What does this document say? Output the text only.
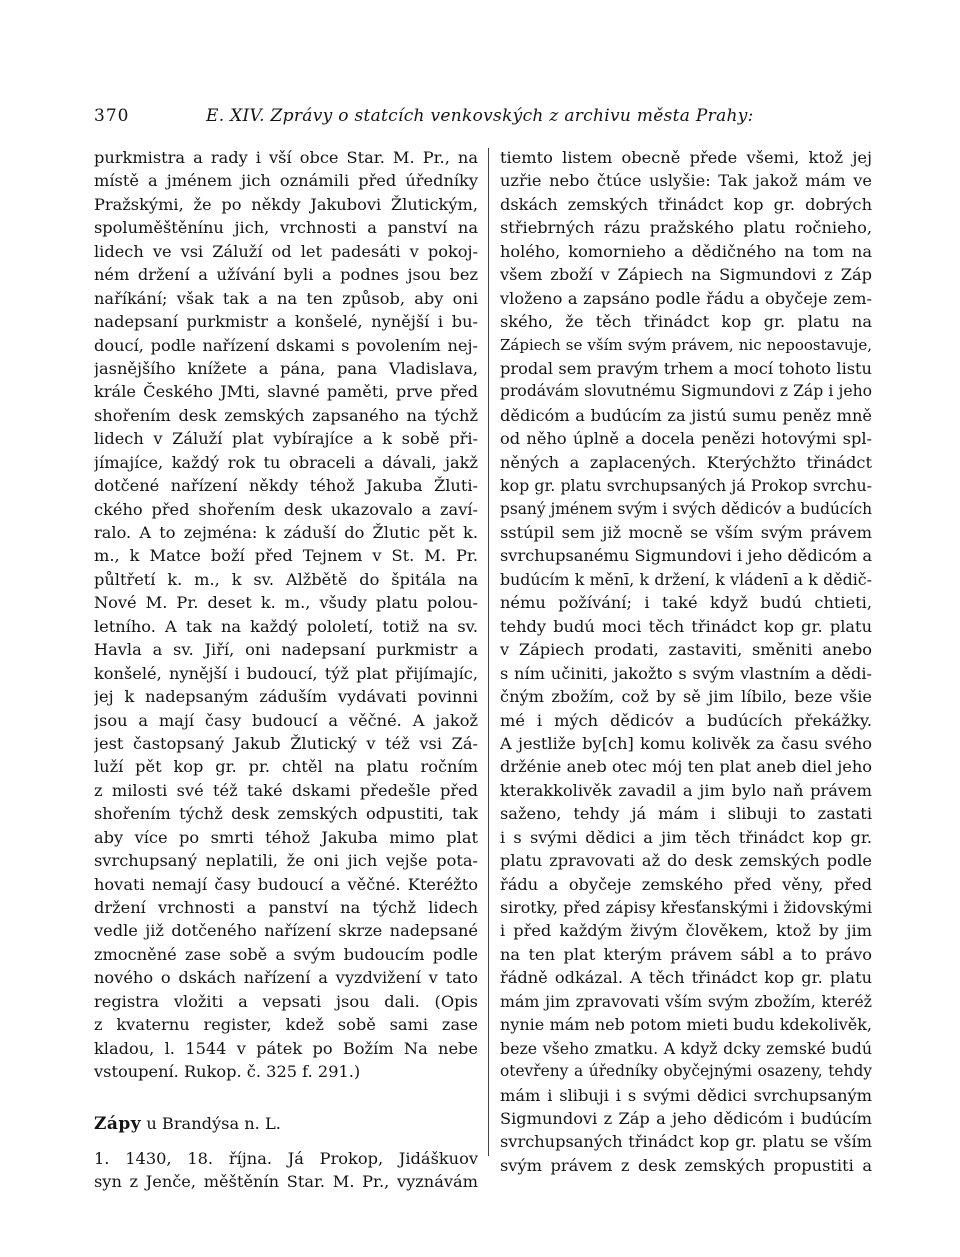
370	E. XIV. Zprávy o statcích venkovských z archivu města Prahy:
purkmistra a rady i vší obce Star. M. Pr., na
místě a jménem jich oznámili před úředníky
Pražskými, že po někdy Jakubovi Žlutickým,
spoluměštěnínu jich, vrchnosti a panství na
lidech ve vsi Záluží od let padesáti v pokoj-
ném držení a užívání byli a podnes jsou bez
naříkání; však tak a na ten způsob, aby oni
nadepsaní purkmistr a konšelé, nynější i bu-
doucí, podle nařízení dskami s povolením nej-
jasnějšího knížete a pána, pana Vladislava,
krále Českého JMti, slavné paměti, prve před
shořením desk zemských zapsaného na týchž
lidech v Záluží plat vybírajíce a k sobě při-
jímajíce, každý rok tu obraceli a dávali, jakž
dotčené nařízení někdy téhož Jakuba Žluti-
ckého před shořením desk ukazovalo a zaví-
ralo. A to zejména: k záduší do Žlutic pět k.
m., k Matce boží před Tejnem v St. M. Pr.
půltřetí k. m., k sv. Alžbětě do špitála na
Nové M. Pr. deset k. m., všudy platu polou-
letního. A tak na každý pololetí, totiž na sv.
Havla a sv. Jiří, oni nadepsaní purkmistr a
konšelé, nynější i budoucí, týž plat přijímajíc,
jej k nadepsaným záduším vydávati povinni
jsou a mají časy budoucí a věčné. A jakož
jest častopsaný Jakub Žlutický v též vsi Zá-
luží pět kop gr. pr. chtěl na platu ročním
z milosti své též také dskami předešle před
shořením týchž desk zemských odpustiti, tak
aby více po smrti téhož Jakuba mimo plat
svrchupsaný neplatili, že oni jich vejše pota-
hovati nemají časy budoucí a věčné. Kteréžto
držení vrchnosti a panství na týchž lidech
vedle již dotčeného nařízení skrze nadepsané
zmocněné zase sobě a svým budoucím podle
nového o dskách nařízení a vyzdvižení v tato
registra vložiti a vepsati jsou dali. (Opis
z kvaternu register, kdež sobě sami zase
kladou, l. 1544 v pátek po Božím Na nebe
vstoupení. Rukop. č. 325 f. 291.)
Zápy u Brandýsa n. L.
1. 1430, 18. října. Já Prokop, Jidáškuov
syn z Jenče, měštěnín Star. M. Pr., vyznávám
tiemto listem obecně přede všemi, ktož jej
uzřie nebo čtúce uslyšie: Tak jakož mám ve
dskách zemských třinádct kop gr. dobrých
střiebrných rázu pražského platu ročnieho,
holého, komornieho a dědičného na tom na
všem zboží v Zápiech na Sigmundovi z Záp
vloženo a zapsáno podle řádu a obyčeje zem-
ského, že těch třinádct kop gr. platu na
Zápiech se vším svým právem, nic nepoostavuje,
prodal sem pravým trhem a mocí tohoto listu
prodávám slovutnému Sigmundovi z Záp i jeho
dědicóm a budúcím za jistú sumu peněz mně
od něho úplně a docela penězi hotovými spl-
něných a zaplacených. Kterýchžto třinádct
kop gr. platu svrchupsaných já Prokop svrchu-
psaný jménem svým i svých dědicóv a budúcích
sstúpil sem již mocně se vším svým právem
svrchupsanému Sigmundovi i jeho dědicóm a
budúcím k měnī, k držení, k vládenī a k dědič-
nému požívání; i také když budú chtieti,
tehdy budú moci těch třinádct kop gr. platu
v Zápiech prodati, zastaviti, směniti anebo
s ním učiniti, jakožto s svým vlastním a dědi-
čným zbožím, což by sě jim líbilo, beze všie
mé i mých dědicóv a budúcích překážky.
A jestliže by[ch] komu kolivěk za času svého
držénie aneb otec mój ten plat aneb diel jeho
kterakkolivěk zavadil a jim bylo naň právem
saženo, tehdy já mám i slibuji to zastati
i s svými dědici a jim těch třinádct kop gr.
platu zpravovati až do desk zemských podle
řádu a obyčeje zemského před věny, před
sirotky, před zápisy křesťanskými i židovskými
i před každým živým člověkem, ktož by jim
na ten plat kterým právem sábl a to právo
řádně odkázal. A těch třinádct kop gr. platu
mám jim zpravovati vším svým zbožím, kteréž
nynie mám neb potom mieti budu kdekolivěk,
beze všeho zmatku. A když dcky zemské budú
otevřeny a úředníky obyčejnými osazeny, tehdy
mám i slibuji i s svými dědici svrchupsaným
Sigmundovi z Záp a jeho dědicóm i budúcím
svrchupsaných třinádct kop gr. platu se vším
svým právem z desk zemských propustiti a
